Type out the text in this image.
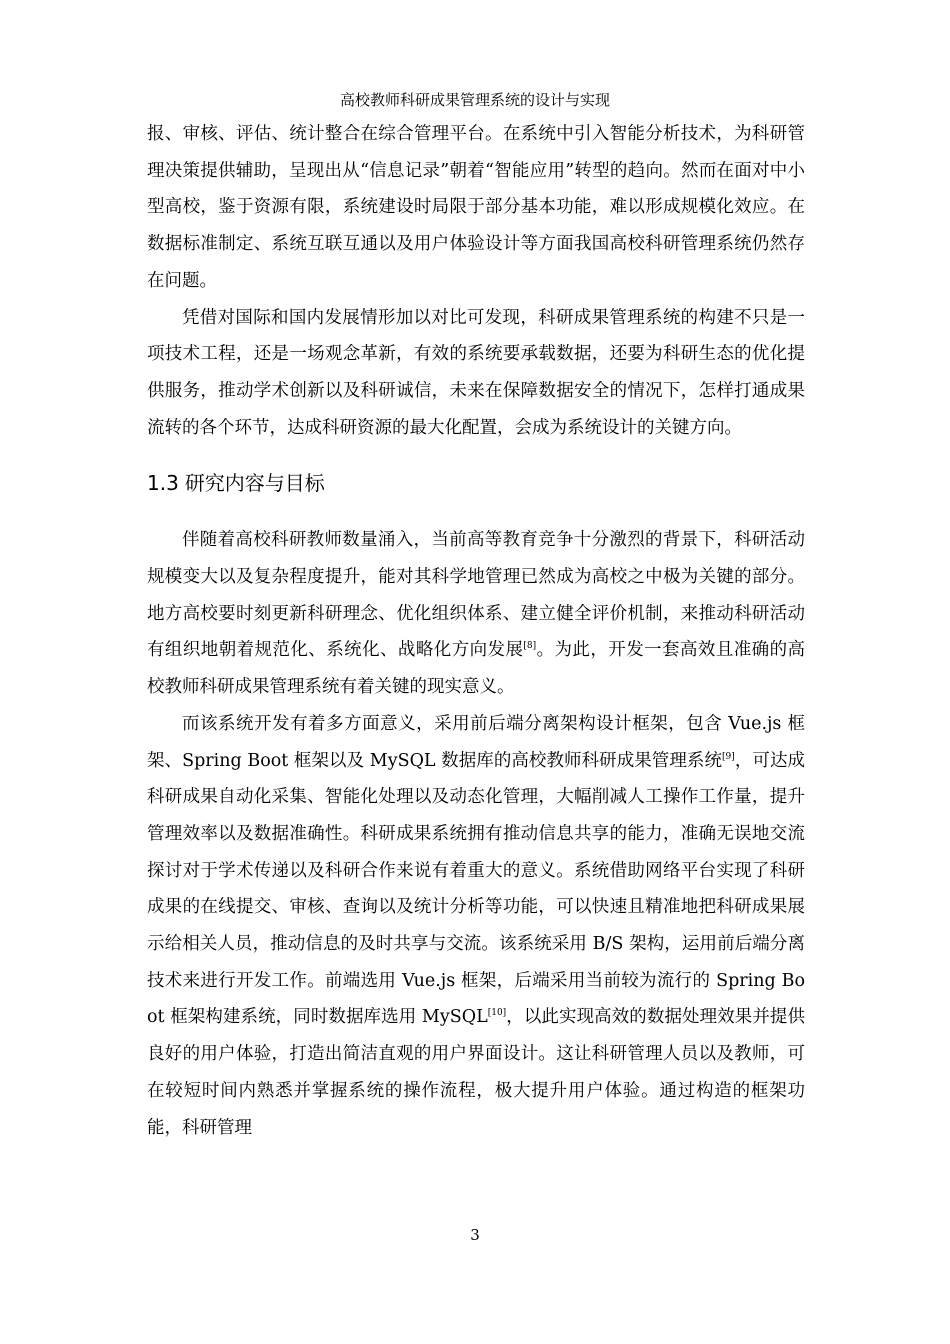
高校教师科研成果管理系统的设计与实现

报、审核、评估、统计整合在综合管理平台。在系统中引入智能分析技术，为科研管理决策提供辅助，呈现出从“信息记录”朝着“智能应用”转型的趋向。然而在面对中小型高校，鉴于资源有限，系统建设时局限于部分基本功能，难以形成规模化效应。在数据标准制定、系统互联互通以及用户体验设计等方面我国高校科研管理系统仍然存在问题。

凭借对国际和国内发展情形加以对比可发现，科研成果管理系统的构建不只是一项技术工程，还是一场观念革新，有效的系统要承载数据，还要为科研生态的优化提供服务，推动学术创新以及科研诚信，未来在保障数据安全的情况下，怎样打通成果流转的各个环节，达成科研资源的最大化配置，会成为系统设计的关键方向。

1.3 研究内容与目标

伴随着高校科研教师数量涌入，当前高等教育竞争十分激烈的背景下，科研活动规模变大以及复杂程度提升，能对其科学地管理已然成为高校之中极为关键的部分。地方高校要时刻更新科研理念、优化组织体系、建立健全评价机制，来推动科研活动有组织地朝着规范化、系统化、战略化方向发展[8]。为此，开发一套高效且准确的高校教师科研成果管理系统有着关键的现实意义。

而该系统开发有着多方面意义，采用前后端分离架构设计框架，包含 Vue.js 框架、Spring Boot 框架以及 MySQL 数据库的高校教师科研成果管理系统[9]，可达成科研成果自动化采集、智能化处理以及动态化管理，大幅削减人工操作工作量，提升管理效率以及数据准确性。科研成果系统拥有推动信息共享的能力，准确无误地交流探讨对于学术传递以及科研合作来说有着重大的意义。系统借助网络平台实现了科研成果的在线提交、审核、查询以及统计分析等功能，可以快速且精准地把科研成果展示给相关人员，推动信息的及时共享与交流。该系统采用 B/S 架构，运用前后端分离技术来进行开发工作。前端选用 Vue.js 框架，后端采用当前较为流行的 Spring Boot 框架构建系统，同时数据库选用 MySQL[10]，以此实现高效的数据处理效果并提供良好的用户体验，打造出简洁直观的用户界面设计。这让科研管理人员以及教师，可在较短时间内熟悉并掌握系统的操作流程，极大提升用户体验。通过构造的框架功能，科研管理

3
